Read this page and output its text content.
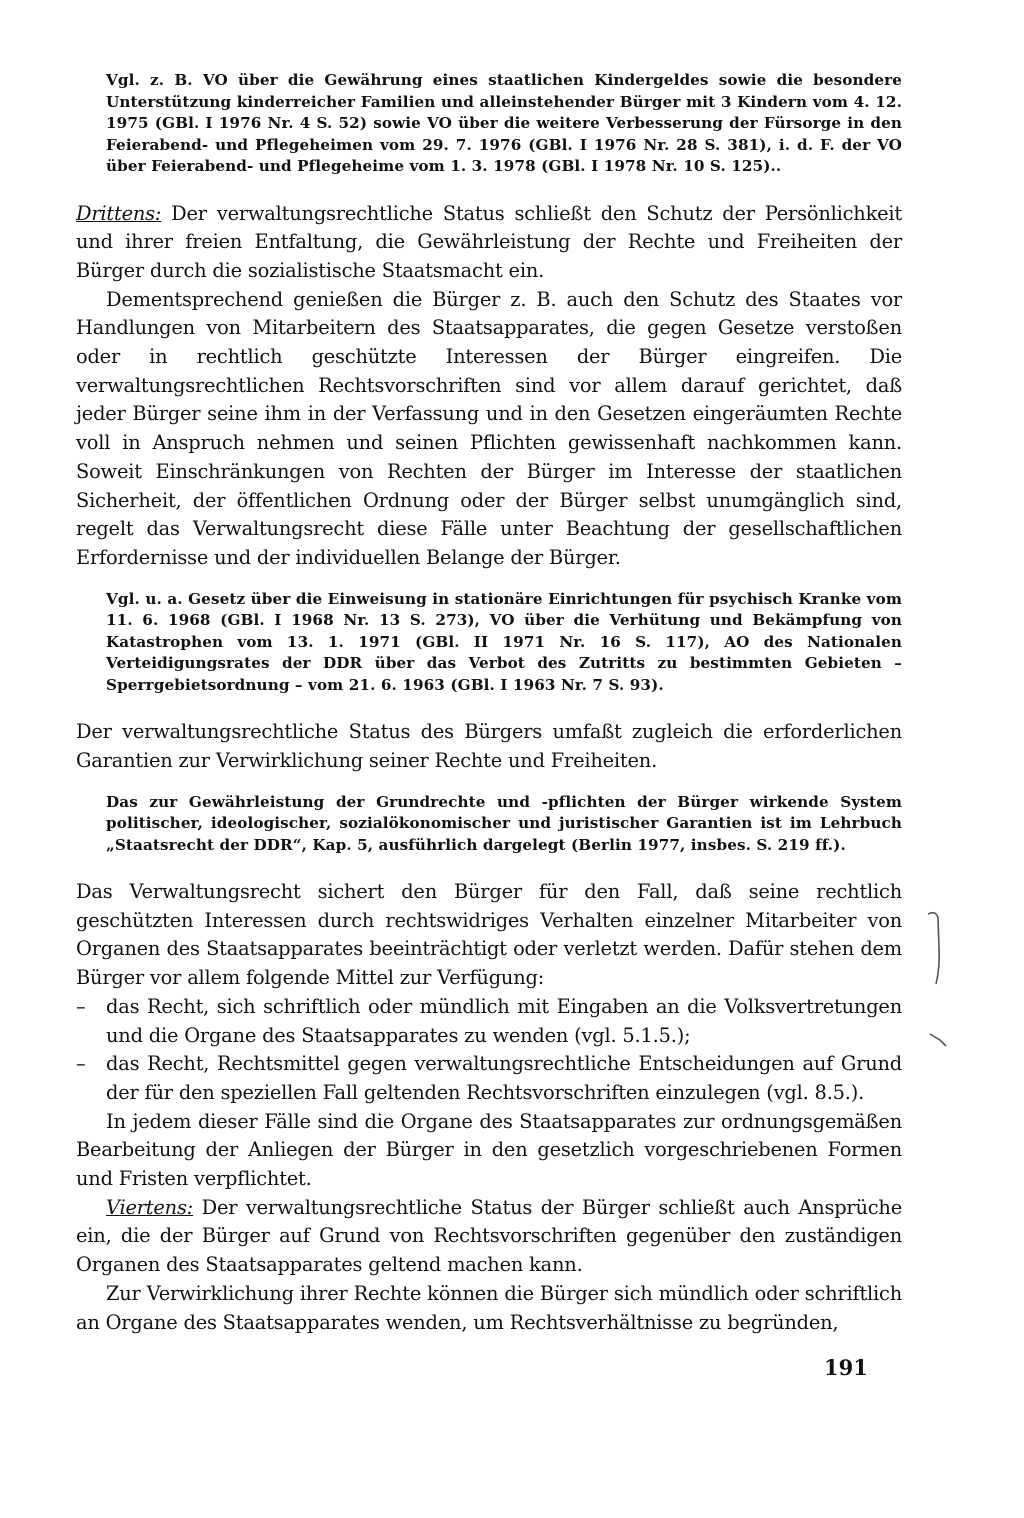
Vgl. z. B. VO über die Gewährung eines staatlichen Kindergeldes sowie die besondere Unterstützung kinderreicher Familien und alleinstehender Bürger mit 3 Kindern vom 4. 12. 1975 (GBl. I 1976 Nr. 4 S. 52) sowie VO über die weitere Verbesserung der Fürsorge in den Feierabend- und Pflegeheimen vom 29. 7. 1976 (GBl. I 1976 Nr. 28 S. 381), i. d. F. der VO über Feierabend- und Pflegeheime vom 1. 3. 1978 (GBl. I 1978 Nr. 10 S. 125)..

Drittens: Der verwaltungsrechtliche Status schließt den Schutz der Persönlichkeit und ihrer freien Entfaltung, die Gewährleistung der Rechte und Freiheiten der Bürger durch die sozialistische Staatsmacht ein.

Dementsprechend genießen die Bürger z. B. auch den Schutz des Staates vor Handlungen von Mitarbeitern des Staatsapparates, die gegen Gesetze verstoßen oder in rechtlich geschützte Interessen der Bürger eingreifen. Die verwaltungsrechtlichen Rechtsvorschriften sind vor allem darauf gerichtet, daß jeder Bürger seine ihm in der Verfassung und in den Gesetzen eingeräumten Rechte voll in Anspruch nehmen und seinen Pflichten gewissenhaft nachkommen kann. Soweit Einschränkungen von Rechten der Bürger im Interesse der staatlichen Sicherheit, der öffentlichen Ordnung oder der Bürger selbst unumgänglich sind, regelt das Verwaltungsrecht diese Fälle unter Beachtung der gesellschaftlichen Erfordernisse und der individuellen Belange der Bürger.

Vgl. u. a. Gesetz über die Einweisung in stationäre Einrichtungen für psychisch Kranke vom 11. 6. 1968 (GBl. I 1968 Nr. 13 S. 273), VO über die Verhütung und Bekämpfung von Katastrophen vom 13. 1. 1971 (GBl. II 1971 Nr. 16 S. 117), AO des Nationalen Verteidigungsrates der DDR über das Verbot des Zutritts zu bestimmten Gebieten – Sperrgebietsordnung – vom 21. 6. 1963 (GBl. I 1963 Nr. 7 S. 93).

Der verwaltungsrechtliche Status des Bürgers umfaßt zugleich die erforderlichen Garantien zur Verwirklichung seiner Rechte und Freiheiten.

Das zur Gewährleistung der Grundrechte und -pflichten der Bürger wirkende System politischer, ideologischer, sozialökonomischer und juristischer Garantien ist im Lehrbuch „Staatsrecht der DDR“, Kap. 5, ausführlich dargelegt (Berlin 1977, insbes. S. 219 ff.).

Das Verwaltungsrecht sichert den Bürger für den Fall, daß seine rechtlich geschützten Interessen durch rechtswidriges Verhalten einzelner Mitarbeiter von Organen des Staatsapparates beeinträchtigt oder verletzt werden. Dafür stehen dem Bürger vor allem folgende Mittel zur Verfügung:

– das Recht, sich schriftlich oder mündlich mit Eingaben an die Volksvertretungen und die Organe des Staatsapparates zu wenden (vgl. 5.1.5.);
– das Recht, Rechtsmittel gegen verwaltungsrechtliche Entscheidungen auf Grund der für den speziellen Fall geltenden Rechtsvorschriften einzulegen (vgl. 8.5.).

In jedem dieser Fälle sind die Organe des Staatsapparates zur ordnungsgemäßen Bearbeitung der Anliegen der Bürger in den gesetzlich vorgeschriebenen Formen und Fristen verpflichtet.

Viertens: Der verwaltungsrechtliche Status der Bürger schließt auch Ansprüche ein, die der Bürger auf Grund von Rechtsvorschriften gegenüber den zuständigen Organen des Staatsapparates geltend machen kann.

Zur Verwirklichung ihrer Rechte können die Bürger sich mündlich oder schriftlich an Organe des Staatsapparates wenden, um Rechtsverhältnisse zu begründen,

191
